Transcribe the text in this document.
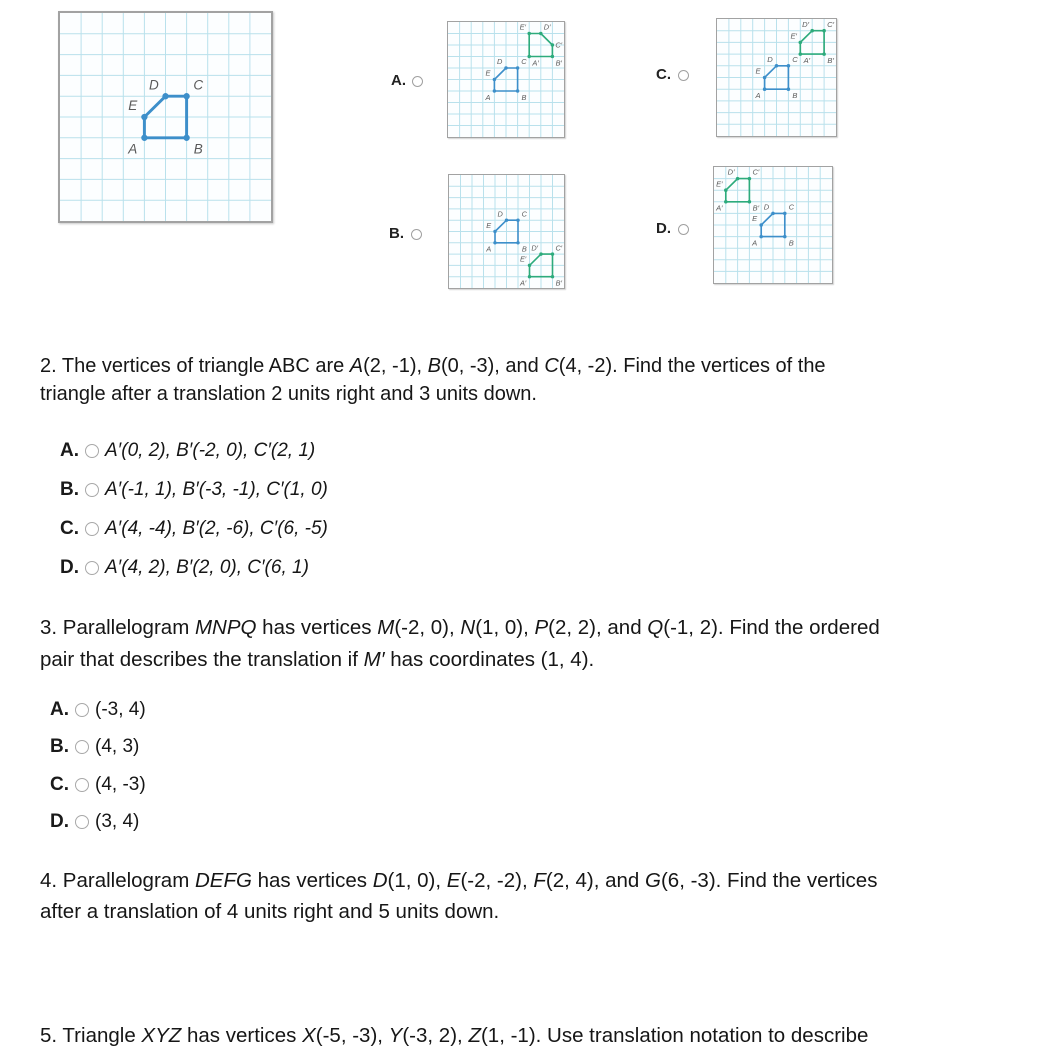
A	B
C
D
E
A.
A	B
C
D
E
A′ B′
C′
D′
E′
B.
A	B
C
D
E
A′	B′
C′
D′
E′
C.
A	B
C
D
E
A′ B′
C′
D′
E′
D.
A	B
C
D
E
A′	B′
C′
D′
E′
2. The vertices of triangle ABC are A(2, -1), B(0, -3), and C(4, -2). Find the vertices of the
triangle after a translation 2 units right and 3 units down.
A. A′(0, 2), B′(-2, 0), C′(2, 1)
B. A′(-1, 1), B′(-3, -1), C′(1, 0)
C. A′(4, -4), B′(2, -6), C′(6, -5)
D. A′(4, 2), B′(2, 0), C′(6, 1)
3. Parallelogram MNPQ has vertices M(-2, 0), N(1, 0), P(2, 2), and Q(-1, 2). Find the ordered
pair that describes the translation if M′ has coordinates (1, 4).
A. (-3, 4)
B. (4, 3)
C. (4, -3)
D. (3, 4)
4. Parallelogram DEFG has vertices D(1, 0), E(-2, -2), F(2, 4), and G(6, -3). Find the vertices
after a translation of 4 units right and 5 units down.
5. Triangle XYZ has vertices X(-5, -3), Y(-3, 2), Z(1, -1). Use translation notation to describe
